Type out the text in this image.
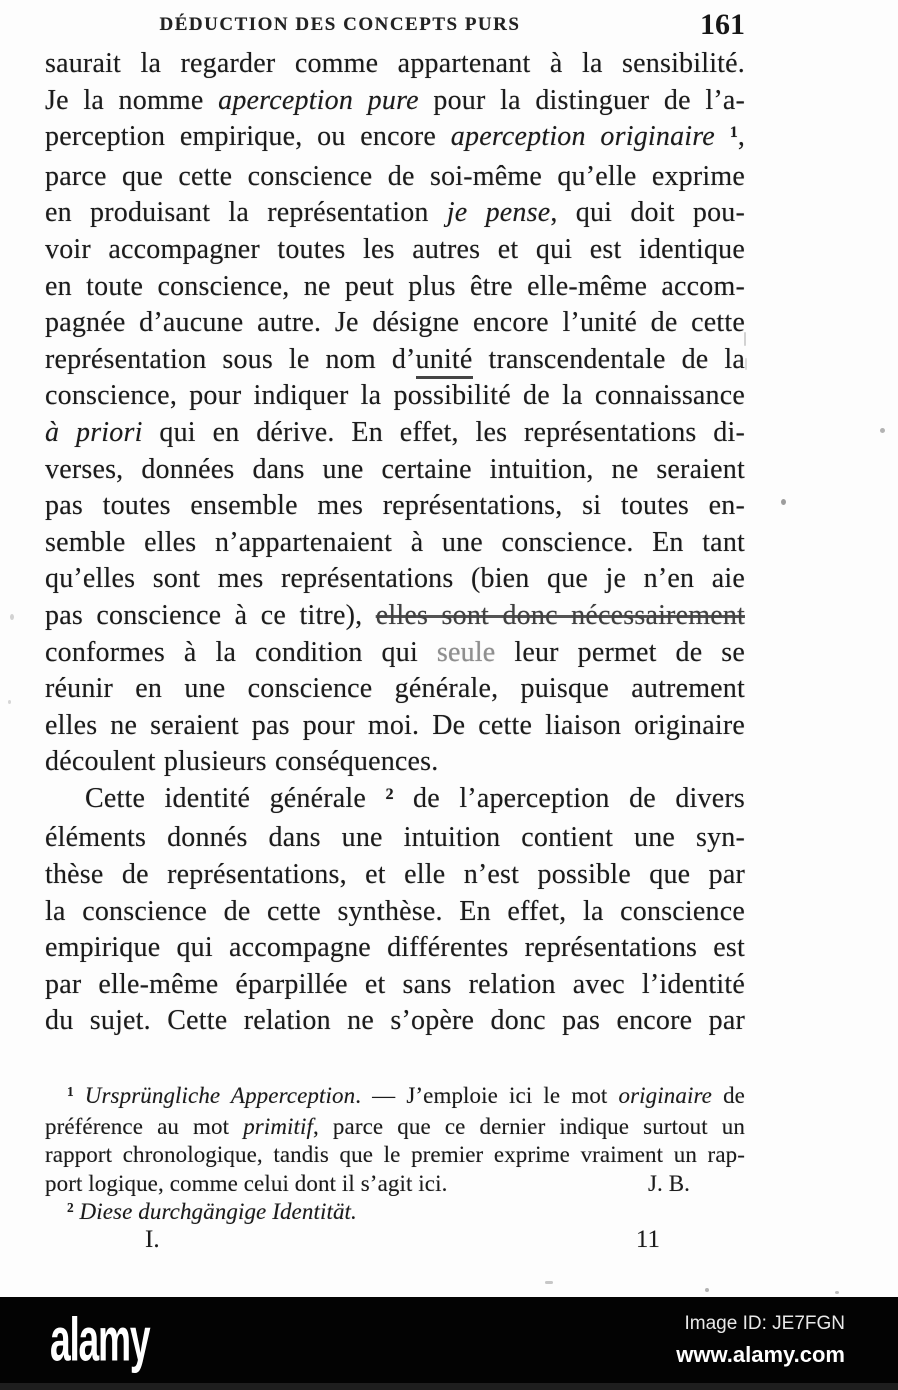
DÉDUCTION DES CONCEPTS PURS	161
saurait la regarder comme appartenant à la sensibilité.
Je la nomme aperception pure pour la distinguer de l’a-
perception empirique, ou encore aperception originaire $^1$,
parce que cette conscience de soi-même qu’elle exprime
en produisant la représentation je pense, qui doit pou-
voir accompagner toutes les autres et qui est identique
en toute conscience, ne peut plus être elle-même accom-
pagnée d’aucune autre. Je désigne encore l’unité de cette
représentation sous le nom d’unité transcendentale de la
conscience, pour indiquer la possibilité de la connaissance
à priori qui en dérive. En effet, les représentations di-
verses, données dans une certaine intuition, ne seraient
pas toutes ensemble mes représentations, si toutes en-
semble elles n’appartenaient à une conscience. En tant
qu’elles sont mes représentations (bien que je n’en aie
pas conscience à ce titre), elles sont donc nécessairement
conformes à la condition qui seule leur permet de se
réunir en une conscience générale, puisque autrement
elles ne seraient pas pour moi. De cette liaison originaire
découlent plusieurs conséquences.
Cette identité générale $^2$ de l’aperception de divers
éléments donnés dans une intuition contient une syn-
thèse de représentations, et elle n’est possible que par
la conscience de cette synthèse. En effet, la conscience
empirique qui accompagne différentes représentations est
par elle-même éparpillée et sans relation avec l’identité
du sujet. Cette relation ne s’opère donc pas encore par
$^1$ Ursprüngliche Apperception. — J’emploie ici le mot originaire de
préférence au mot primitif, parce que ce dernier indique surtout un
rapport chronologique, tandis que le premier exprime vraiment un rap-
port logique, comme celui dont il s’agit ici.	J. B.
$^2$ Diese durchgängige Identität.
I.	11
alamy	Image ID: JE7FGN
www.alamy.com
